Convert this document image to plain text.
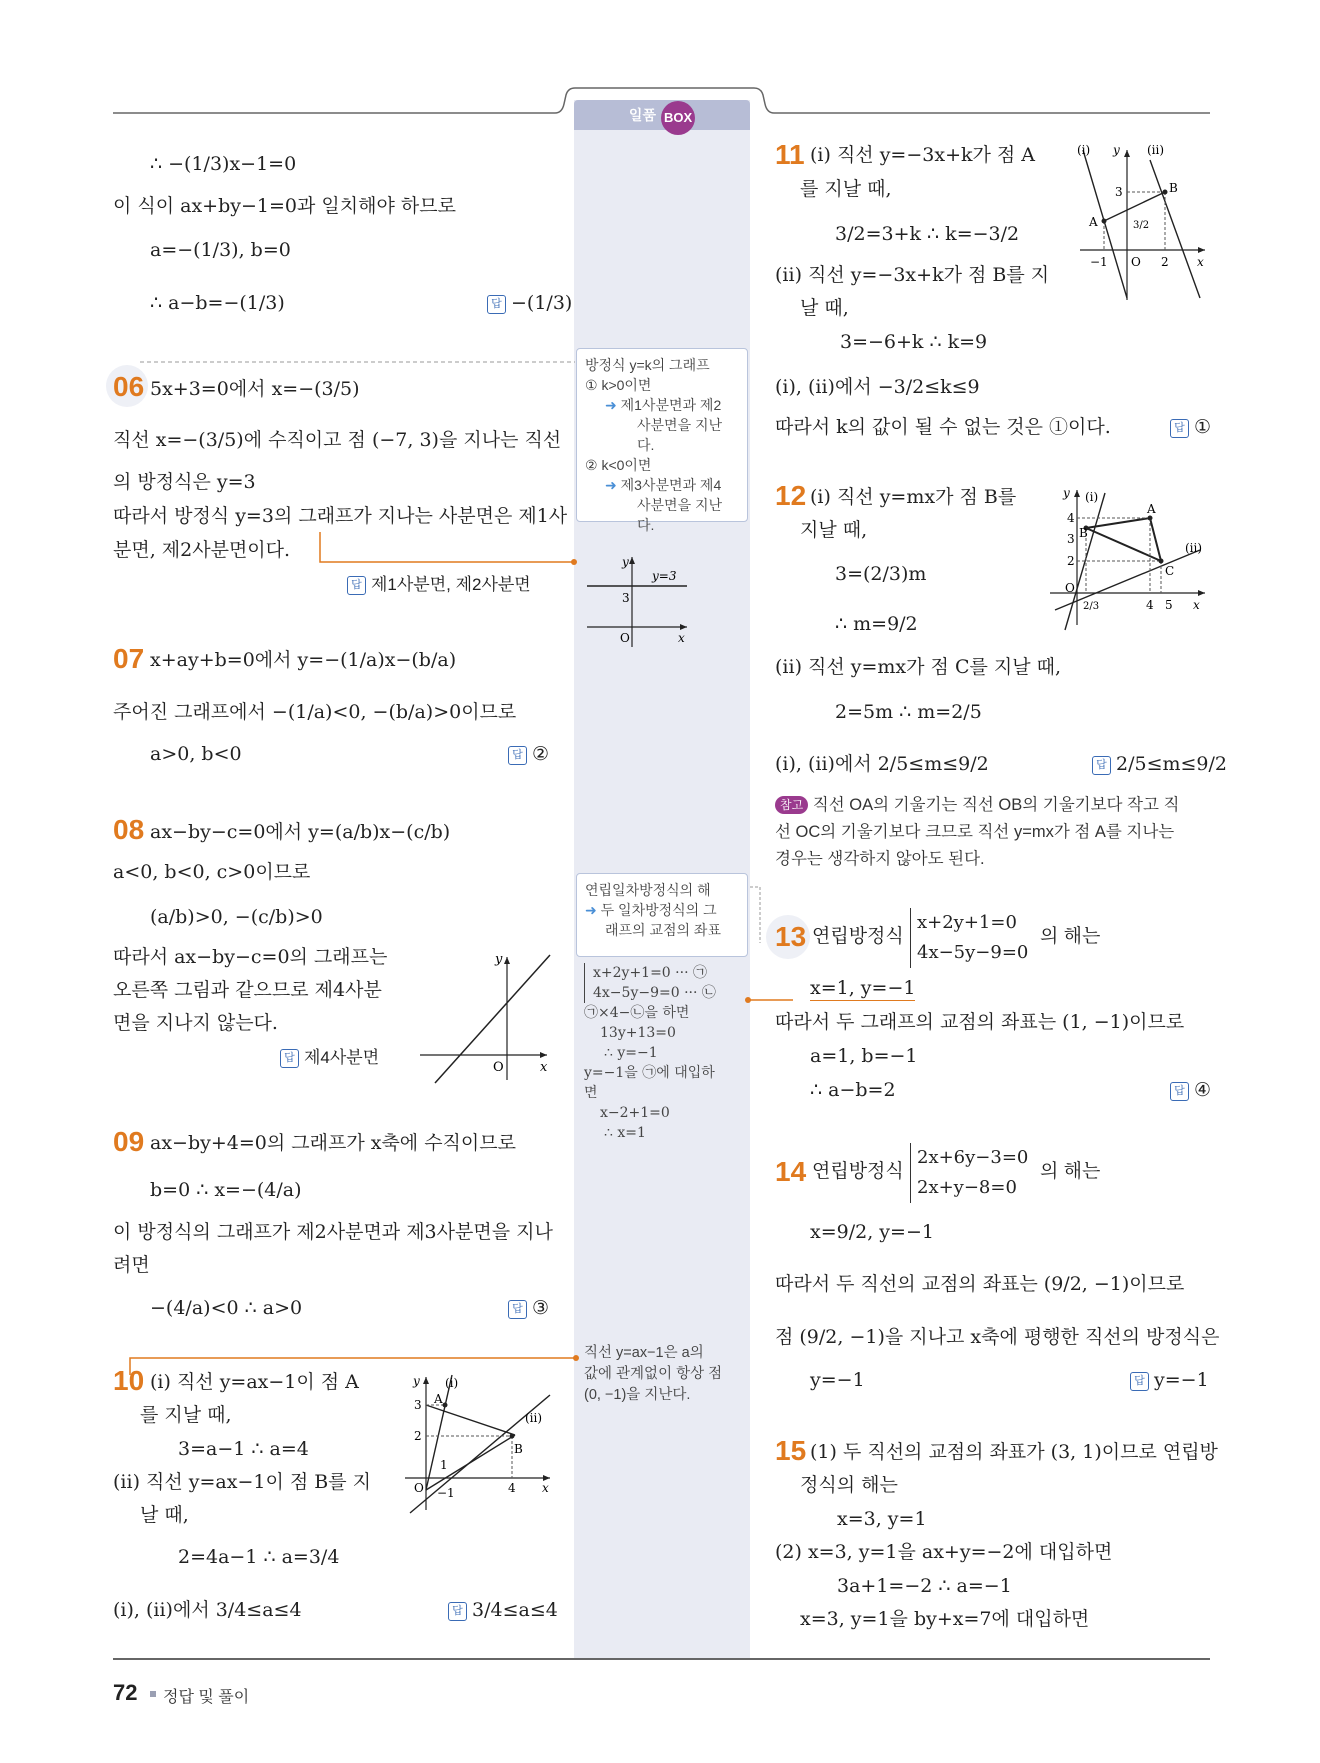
일품 BOX
∴ −(1/3)x−1=0
이 식이 ax+by−1=0과 일치해야 하므로
a=−(1/3), b=0
∴ a−b=−(1/3)	답 −(1/3)
06 5x+3=0에서 x=−(3/5)
직선 x=−(3/5)에 수직이고 점 (−7, 3)을 지나는 직선
의 방정식은 y=3
따라서 방정식 y=3의 그래프가 지나는 사분면은 제1사
분면, 제2사분면이다.
답 제1사분면, 제2사분면
07 x+ay+b=0에서 y=−(1/a)x−(b/a)
주어진 그래프에서 −(1/a)<0, −(b/a)>0이므로
a>0, b<0	답 ②
08 ax−by−c=0에서 y=(a/b)x−(c/b)
a<0, b<0, c>0이므로
(a/b)>0, −(c/b)>0
따라서 ax−by−c=0의 그래프는
오른쪽 그림과 같으므로 제4사분
면을 지나지 않는다.
답 제4사분면
y
O	x
09 ax−by+4=0의 그래프가 x축에 수직이므로
b=0 ∴ x=−(4/a)
이 방정식의 그래프가 제2사분면과 제3사분면을 지나
려면
−(4/a)<0 ∴ a>0	답 ③
10 (i) 직선 y=ax−1이 점 A
를 지날 때,
3=a−1 ∴ a=4
(ii) 직선 y=ax−1이 점 B를 지
날 때,
2=4a−1 ∴ a=3/4
(i), (ii)에서 3/4≤a≤4	답 3/4≤a≤4
y (i)
(ii)
A
B
3
2
1
−1
O	4 x
방정식 y=k의 그래프
① k>0이면
➜ 제1사분면과 제2
사분면을 지난다.
② k<0이면
➜ 제3사분면과 제4
사분면을 지난다.
y
y=3
3
O	x
연립일차방정식의 해
➜ 두 일차방정식의 그
래프의 교점의 좌표
x+2y+1=0 ··· ㉠
4x−5y−9=0 ··· ㉡
㉠×4−㉡을 하면
13y+13=0
∴ y=−1
y=−1을 ㉠에 대입하
면
x−2+1=0
∴ x=1
직선 y=ax−1은 a의
값에 관계없이 항상 점
(0, −1)을 지난다.
11 (i) 직선 y=−3x+k가 점 A
를 지날 때,
3/2=3+k ∴ k=−3/2
(ii) 직선 y=−3x+k가 점 B를 지
날 때,
3=−6+k ∴ k=9
(i), (ii)에서 −3/2≤k≤9
따라서 k의 값이 될 수 없는 것은 ①이다.	답 ①
(i) y (ii)
A
B
3
3/2
−1 O 2 x
12 (i) 직선 y=mx가 점 B를
지날 때,
3=(2/3)m
∴ m=9/2
(ii) 직선 y=mx가 점 C를 지날 때,
2=5m ∴ m=2/5
(i), (ii)에서 2/5≤m≤9/2	답 2/5≤m≤9/2
참고 직선 OA의 기울기는 직선 OB의 기울기보다 작고 직
선 OC의 기울기보다 크므로 직선 y=mx가 점 A를 지나는
경우는 생각하지 않아도 된다.
y (i)
(ii)
A
B
C
4
3
2
O
2/3	4 5 x
13 연립방정식
x+2y+1=0
4x−5y−9=0
의 해는
x=1, y=−1
따라서 두 그래프의 교점의 좌표는 (1, −1)이므로
a=1, b=−1
∴ a−b=2	답 ④
14 연립방정식
2x+6y−3=0
2x+y−8=0
의 해는
x=9/2, y=−1
따라서 두 직선의 교점의 좌표는 (9/2, −1)이므로
점 (9/2, −1)을 지나고 x축에 평행한 직선의 방정식은
y=−1	답 y=−1
15 (1) 두 직선의 교점의 좌표가 (3, 1)이므로 연립방
정식의 해는
x=3, y=1
(2) x=3, y=1을 ax+y=−2에 대입하면
3a+1=−2 ∴ a=−1
x=3, y=1을 by+x=7에 대입하면
72 정답 및 풀이
